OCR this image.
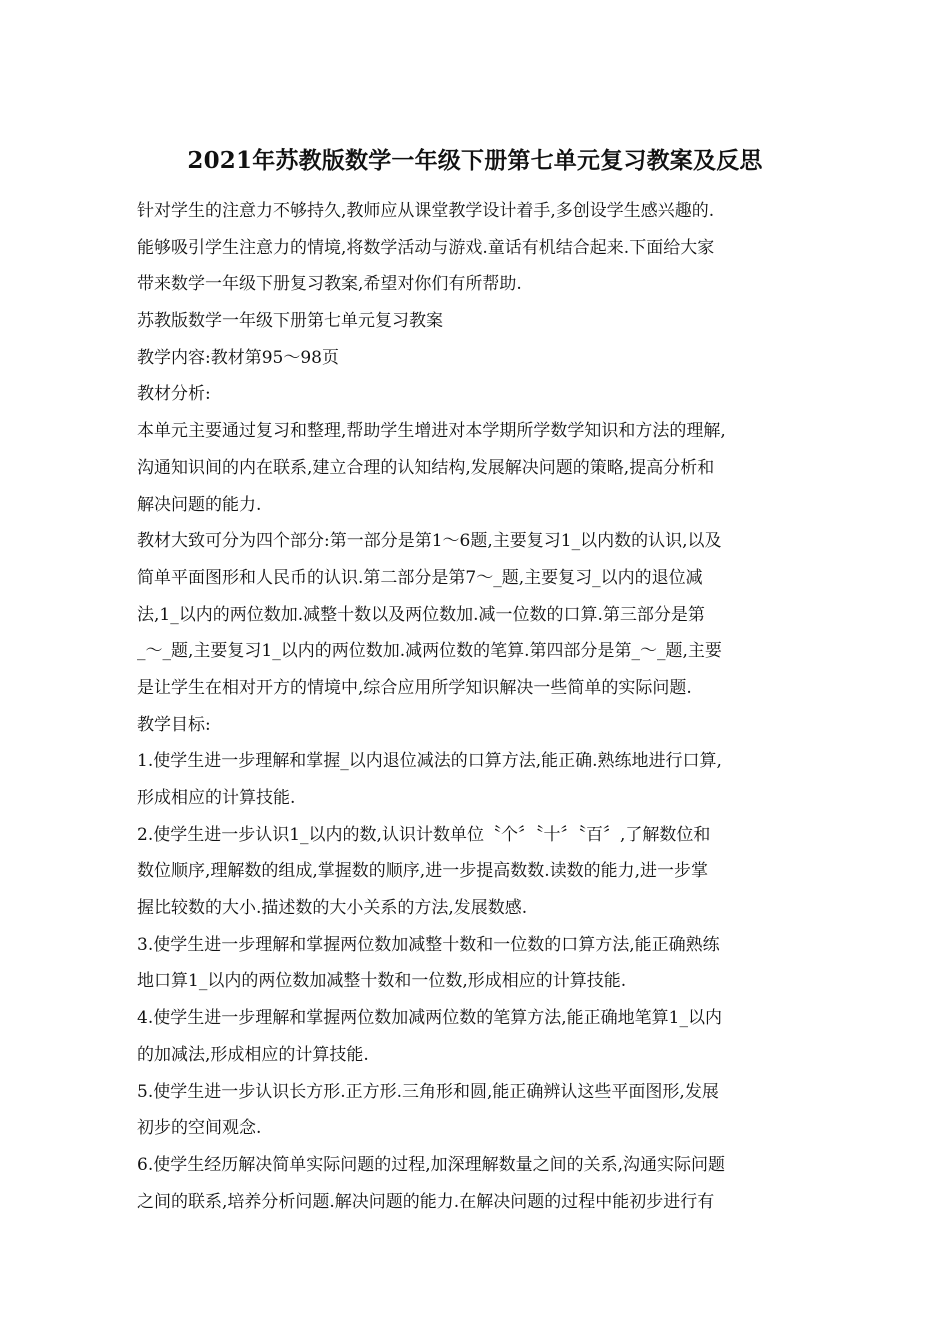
2021年苏教版数学一年级下册第七单元复习教案及反思
针对学生的注意力不够持久,教师应从课堂教学设计着手,多创设学生感兴趣的.
能够吸引学生注意力的情境,将数学活动与游戏.童话有机结合起来.下面给大家
带来数学一年级下册复习教案,希望对你们有所帮助.
苏教版数学一年级下册第七单元复习教案
教学内容:教材第95～98页
教材分析:
本单元主要通过复习和整理,帮助学生增进对本学期所学数学知识和方法的理解,
沟通知识间的内在联系,建立合理的认知结构,发展解决问题的策略,提高分析和
解决问题的能力.
教材大致可分为四个部分:第一部分是第1～6题,主要复习1_以内数的认识,以及
简单平面图形和人民币的认识.第二部分是第7～_题,主要复习_以内的退位减
法,1_以内的两位数加.减整十数以及两位数加.减一位数的口算.第三部分是第
_～_题,主要复习1_以内的两位数加.减两位数的笔算.第四部分是第_～_题,主要
是让学生在相对开方的情境中,综合应用所学知识解决一些简单的实际问题.
教学目标:
1.使学生进一步理解和掌握_以内退位减法的口算方法,能正确.熟练地进行口算,
形成相应的计算技能.
2.使学生进一步认识1_以内的数,认识计数单位〝个〞〝十〞〝百〞,了解数位和
数位顺序,理解数的组成,掌握数的顺序,进一步提高数数.读数的能力,进一步掌
握比较数的大小.描述数的大小关系的方法,发展数感.
3.使学生进一步理解和掌握两位数加减整十数和一位数的口算方法,能正确熟练
地口算1_以内的两位数加减整十数和一位数,形成相应的计算技能.
4.使学生进一步理解和掌握两位数加减两位数的笔算方法,能正确地笔算1_以内
的加减法,形成相应的计算技能.
5.使学生进一步认识长方形.正方形.三角形和圆,能正确辨认这些平面图形,发展
初步的空间观念.
6.使学生经历解决简单实际问题的过程,加深理解数量之间的关系,沟通实际问题
之间的联系,培养分析问题.解决问题的能力.在解决问题的过程中能初步进行有
